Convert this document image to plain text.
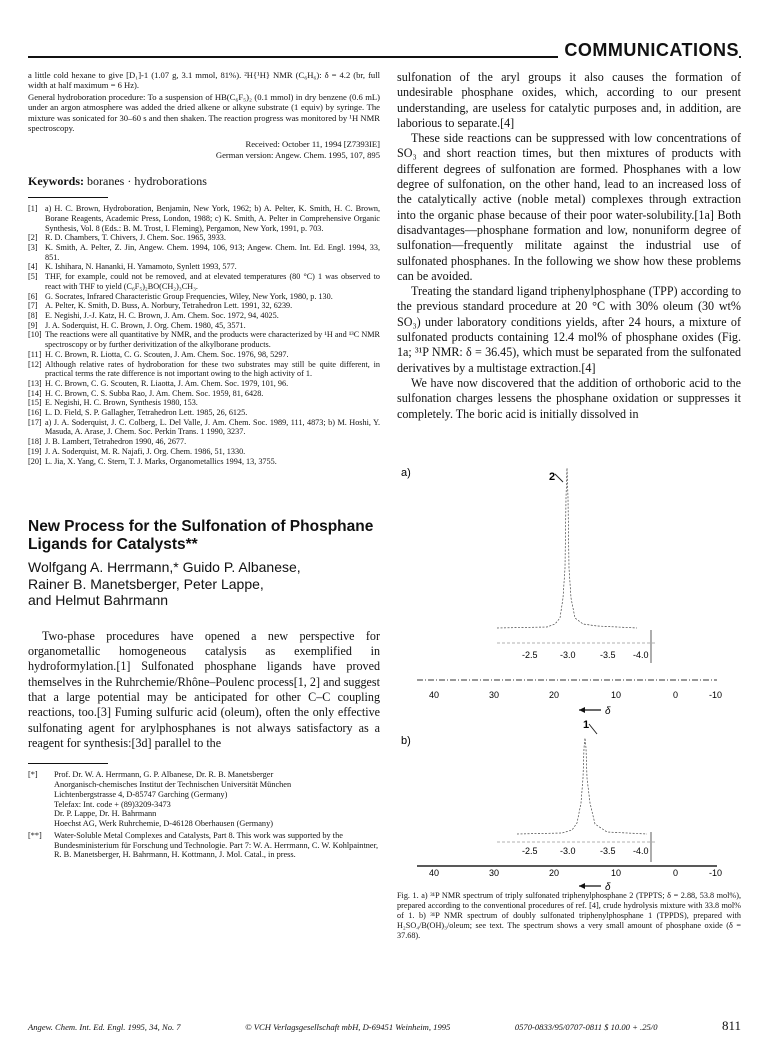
COMMUNICATIONS

a little cold hexane to give [D₁]-1 (1.07 g, 3.1 mmol, 81%). ²H{¹H} NMR (C₆H₆): δ = 4.2 (br, full width at half maximum = 6 Hz).

General hydroboration procedure: To a suspension of HB(C₆F₅)₂ (0.1 mmol) in dry benzene (0.6 mL) under an argon atmosphere was added the dried alkene or alkyne substrate (1 equiv) by syringe. The mixture was sonicated for 30–60 s and then shaken. The reaction progress was monitored by ¹H NMR spectroscopy.

Received: October 11, 1994 [Z7393IE]
German version: Angew. Chem. 1995, 107, 895
Keywords: boranes · hydroborations
[1] a) H. C. Brown, Hydroboration, Benjamin, New York, 1962; b) A. Pelter, K. Smith, H. C. Brown, Borane Reagents, Academic Press, London, 1988; c) K. Smith, A. Pelter in Comprehensive Organic Synthesis, Vol. 8 (Eds.: B. M. Trost, I. Fleming), Pergamon, New York, 1991, p. 703.
[2] R. D. Chambers, T. Chivers, J. Chem. Soc. 1965, 3933.
[3] K. Smith, A. Pelter, Z. Jin, Angew. Chem. 1994, 106, 913; Angew. Chem. Int. Ed. Engl. 1994, 33, 851.
[4] K. Ishihara, N. Hananki, H. Yamamoto, Synlett 1993, 577.
[5] THF, for example, could not be removed, and at elevated temperatures (80 °C) 1 was observed to react with THF to yield (C₆F₅)₂BO(CH₂)₃CH₃.
[6] G. Socrates, Infrared Characteristic Group Frequencies, Wiley, New York, 1980, p. 130.
[7] A. Pelter, K. Smith, D. Buss, A. Norbury, Tetrahedron Lett. 1991, 32, 6239.
[8] E. Negishi, J.-J. Katz, H. C. Brown, J. Am. Chem. Soc. 1972, 94, 4025.
[9] J. A. Soderquist, H. C. Brown, J. Org. Chem. 1980, 45, 3571.
[10] The reactions were all quantitative by NMR, and the products were characterized by ¹H and ¹³C NMR spectroscopy or by further derivitization of the alkylborane products.
[11] H. C. Brown, R. Liotta, C. G. Scouten, J. Am. Chem. Soc. 1976, 98, 5297.
[12] Although relative rates of hydroboration for these two substrates may still be quite different, in practical terms the rate difference is not important owing to the high activity of 1.
[13] H. C. Brown, C. G. Scouten, R. Liaotta, J. Am. Chem. Soc. 1979, 101, 96.
[14] H. C. Brown, C. S. Subba Rao, J. Am. Chem. Soc. 1959, 81, 6428.
[15] E. Negishi, H. C. Brown, Synthesis 1980, 153.
[16] L. D. Field, S. P. Gallagher, Tetrahedron Lett. 1985, 26, 6125.
[17] a) J. A. Soderquist, J. C. Colberg, L. Del Valle, J. Am. Chem. Soc. 1989, 111, 4873; b) M. Hoshi, Y. Masuda, A. Arase, J. Chem. Soc. Perkin Trans. 1 1990, 3237.
[18] J. B. Lambert, Tetrahedron 1990, 46, 2677.
[19] J. A. Soderquist, M. R. Najafi, J. Org. Chem. 1986, 51, 1330.
[20] L. Jia, X. Yang, C. Stern, T. J. Marks, Organometallics 1994, 13, 3755.
New Process for the Sulfonation of Phosphane Ligands for Catalysts**
Wolfgang A. Herrmann,* Guido P. Albanese,
Rainer B. Manetsberger, Peter Lappe,
and Helmut Bahrmann

Two-phase procedures have opened a new perspective for organometallic homogeneous catalysis as exemplified in hydroformylation.[1] Sulfonated phosphane ligands have proved themselves in the Ruhrchemie/Rhône–Poulenc process[1, 2] and suggest that a large potential may be anticipated for other C–C coupling reactions, too.[3] Fuming sulfuric acid (oleum), often the only effective sulfonating agent for arylphosphanes is not always satisfactory as a reagent for synthesis:[3d] parallel to the

[*]	Prof. Dr. W. A. Herrmann, G. P. Albanese, Dr. R. B. Manetsberger
Anorganisch-chemisches Institut der Technischen Universität München
Lichtenbergstrasse 4, D-85747 Garching (Germany)
Telefax: Int. code + (89)3209-3473
Dr. P. Lappe, Dr. H. Bahrmann
Hoechst AG, Werk Ruhrchemie, D-46128 Oberhausen (Germany)
[**]	Water-Soluble Metal Complexes and Catalysts, Part 8. This work was supported by the Bundesministerium für Forschung und Technologie. Part 7: W. A. Herrmann, C. W. Kohlpaintner, R. B. Manetsberger, H. Bahrmann, H. Kottmann, J. Mol. Catal., in press.

sulfonation of the aryl groups it also causes the formation of undesirable phosphane oxides, which, according to our present understanding, are useless for catalytic purposes and, in addition, are laborious to separate.[4]

These side reactions can be suppressed with low concentrations of SO₃ and short reaction times, but then mixtures of products with different degrees of sulfonation are formed. Phosphanes with a low degree of sulfonation, on the other hand, lead to an increased loss of the catalytically active (noble metal) complexes through extraction into the organic phase because of their poor water-solubility.[1a] Both disadvantages—phosphane formation and low, nonuniform degree of sulfonation—frequently militate against the industrial use of sulfonated phosphanes. In the following we show how these problems can be avoided.

Treating the standard ligand triphenylphosphane (TPP) according to the previous standard procedure at 20 °C with 30% oleum (30 wt% SO₃) under laboratory conditions yields, after 24 hours, a mixture of sulfonated products containing 12.4 mol% of phosphane oxides (Fig. 1a; ³¹P NMR: δ = 36.45), which must be separated from the sulfonated derivatives by a multistage extraction.[4]

We have now discovered that the addition of orthoboric acid to the sulfonation charges lessens the phosphane oxidation or suppresses it completely. The boric acid is initially dissolved in

a)	2
-2.5 -3.0	-3.5 -4.0
40	30	20	10	0	-10
δ
b)
1
-2.5 -3.0	-3.5 -4.0
40	30	20	10	0	-10
δ
Fig. 1. a) ³¹P NMR spectrum of triply sulfonated triphenylphosphane 2 (TPPTS; δ = 2.88, 53.8 mol%), prepared according to the conventional procedures of ref. [4], crude hydrolysis mixture with 33.8 mol% of 1. b) ³¹P NMR spectrum of doubly sulfonated triphenylphosphane 1 (TPPDS), prepared with H₂SO₄/B(OH)₃/oleum; see text. The spectrum shows a very small amount of phosphane oxide (δ = 37.68).
Angew. Chem. Int. Ed. Engl. 1995, 34, No. 7	© VCH Verlagsgesellschaft mbH, D-69451 Weinheim, 1995	0570-0833/95/0707-0811 $ 10.00 + .25/0	811
